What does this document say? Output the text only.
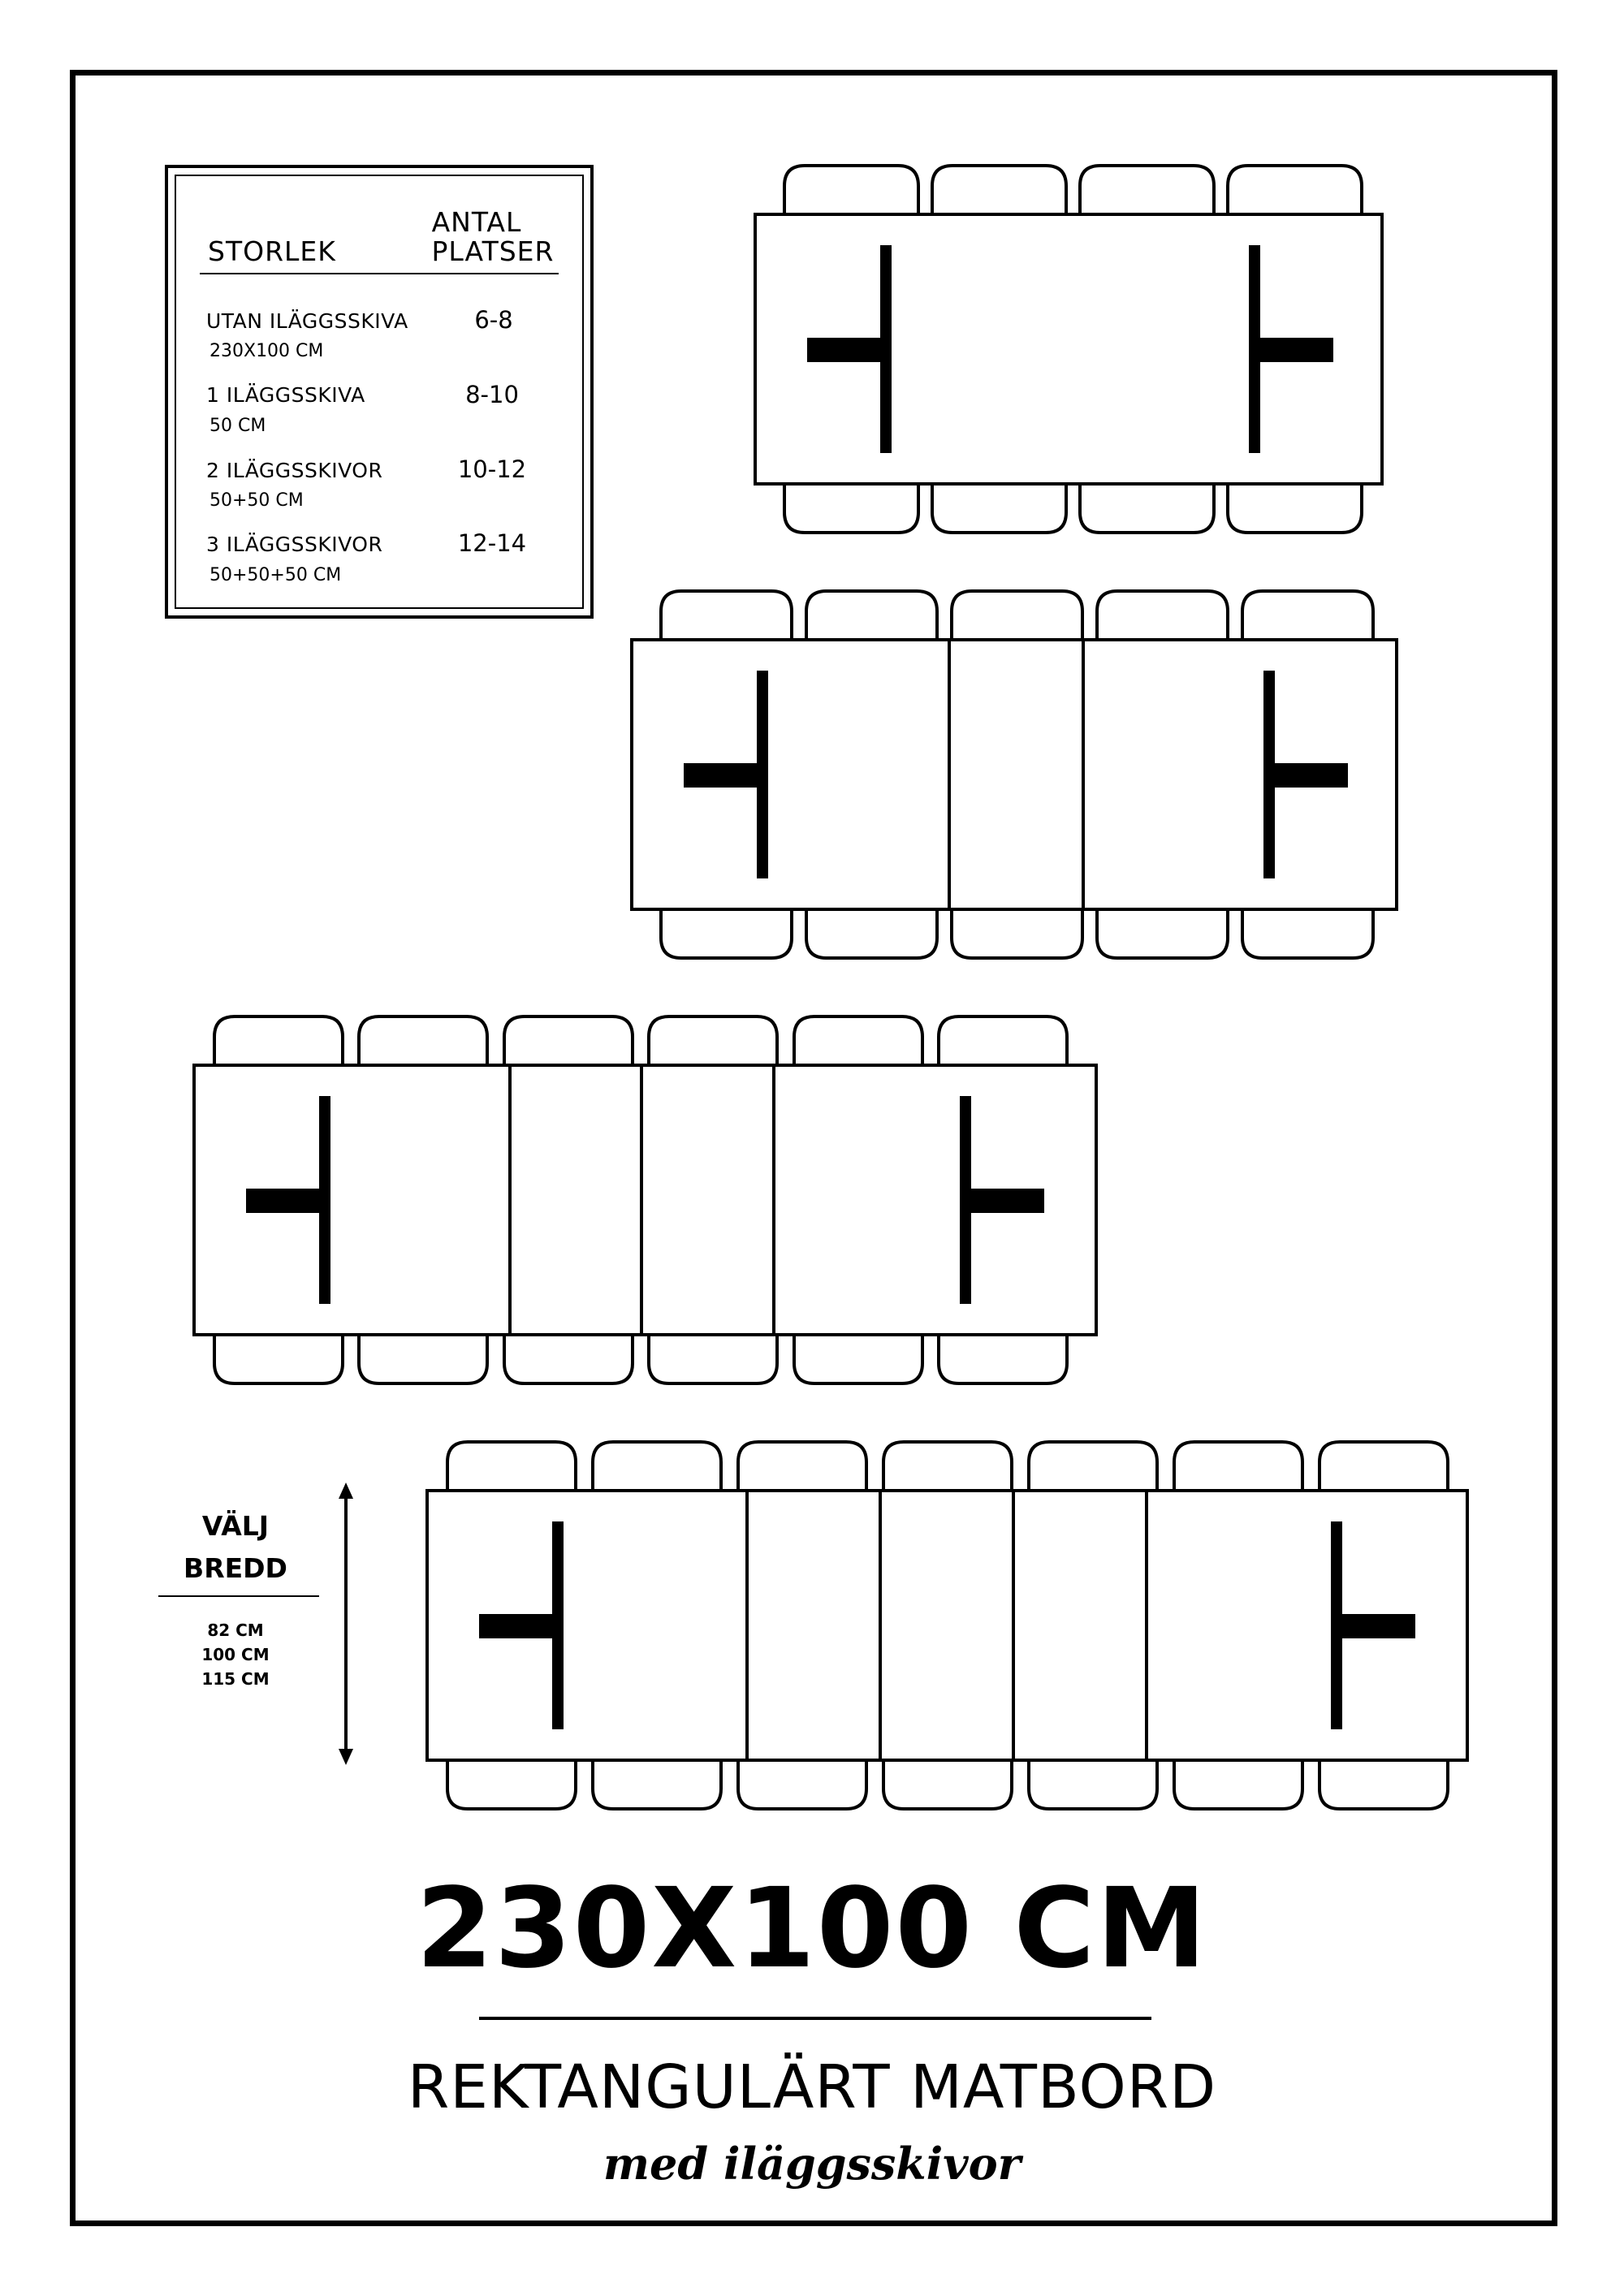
STORLEK
ANTAL
PLATSER
UTAN ILÄGGSSKIVA
230X100 CM
6-8
1 ILÄGGSSKIVA
50 CM
8-10
2 ILÄGGSSKIVOR
50+50 CM
10-12
3 ILÄGGSSKIVOR
50+50+50 CM
12-14
VÄLJ
BREDD
82 CM
100 CM
115 CM
230X100 CM
REKTANGULÄRT MATBORD
med iläggsskivor
